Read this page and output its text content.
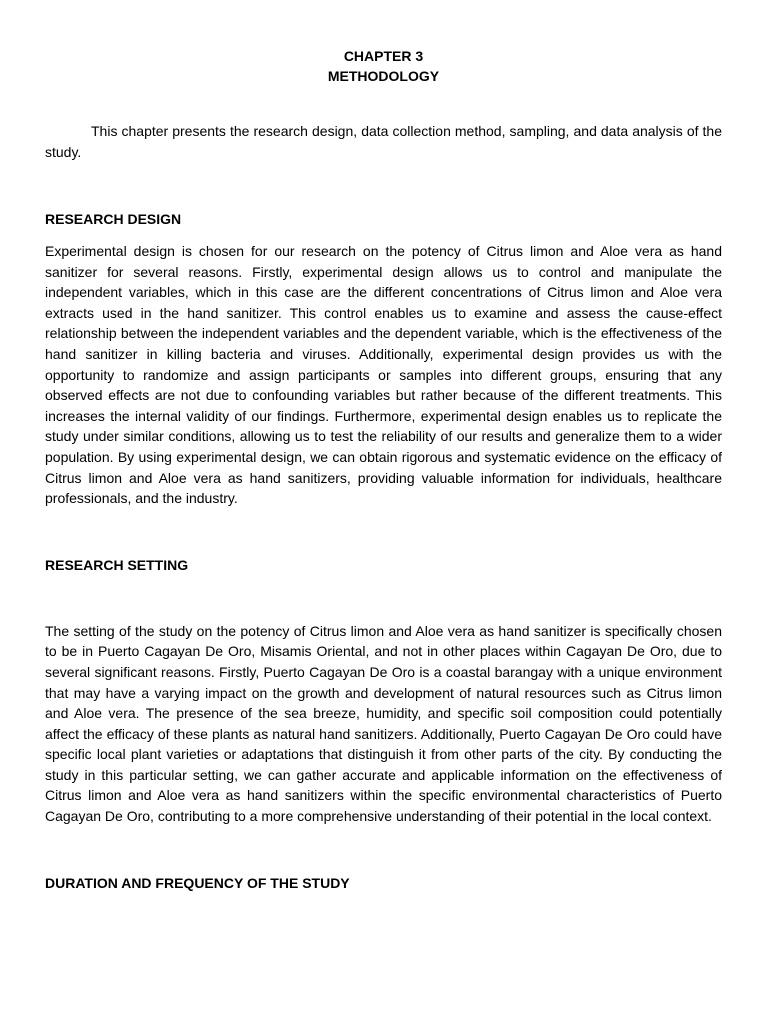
CHAPTER 3
METHODOLOGY

This chapter presents the research design, data collection method, sampling, and data analysis of the study.

RESEARCH DESIGN

Experimental design is chosen for our research on the potency of Citrus limon and Aloe vera as hand sanitizer for several reasons. Firstly, experimental design allows us to control and manipulate the independent variables, which in this case are the different concentrations of Citrus limon and Aloe vera extracts used in the hand sanitizer. This control enables us to examine and assess the cause-effect relationship between the independent variables and the dependent variable, which is the effectiveness of the hand sanitizer in killing bacteria and viruses. Additionally, experimental design provides us with the opportunity to randomize and assign participants or samples into different groups, ensuring that any observed effects are not due to confounding variables but rather because of the different treatments. This increases the internal validity of our findings. Furthermore, experimental design enables us to replicate the study under similar conditions, allowing us to test the reliability of our results and generalize them to a wider population. By using experimental design, we can obtain rigorous and systematic evidence on the efficacy of Citrus limon and Aloe vera as hand sanitizers, providing valuable information for individuals, healthcare professionals, and the industry.

RESEARCH SETTING

The setting of the study on the potency of Citrus limon and Aloe vera as hand sanitizer is specifically chosen to be in Puerto Cagayan De Oro, Misamis Oriental, and not in other places within Cagayan De Oro, due to several significant reasons. Firstly, Puerto Cagayan De Oro is a coastal barangay with a unique environment that may have a varying impact on the growth and development of natural resources such as Citrus limon and Aloe vera. The presence of the sea breeze, humidity, and specific soil composition could potentially affect the efficacy of these plants as natural hand sanitizers. Additionally, Puerto Cagayan De Oro could have specific local plant varieties or adaptations that distinguish it from other parts of the city. By conducting the study in this particular setting, we can gather accurate and applicable information on the effectiveness of Citrus limon and Aloe vera as hand sanitizers within the specific environmental characteristics of Puerto Cagayan De Oro, contributing to a more comprehensive understanding of their potential in the local context.

DURATION AND FREQUENCY OF THE STUDY
